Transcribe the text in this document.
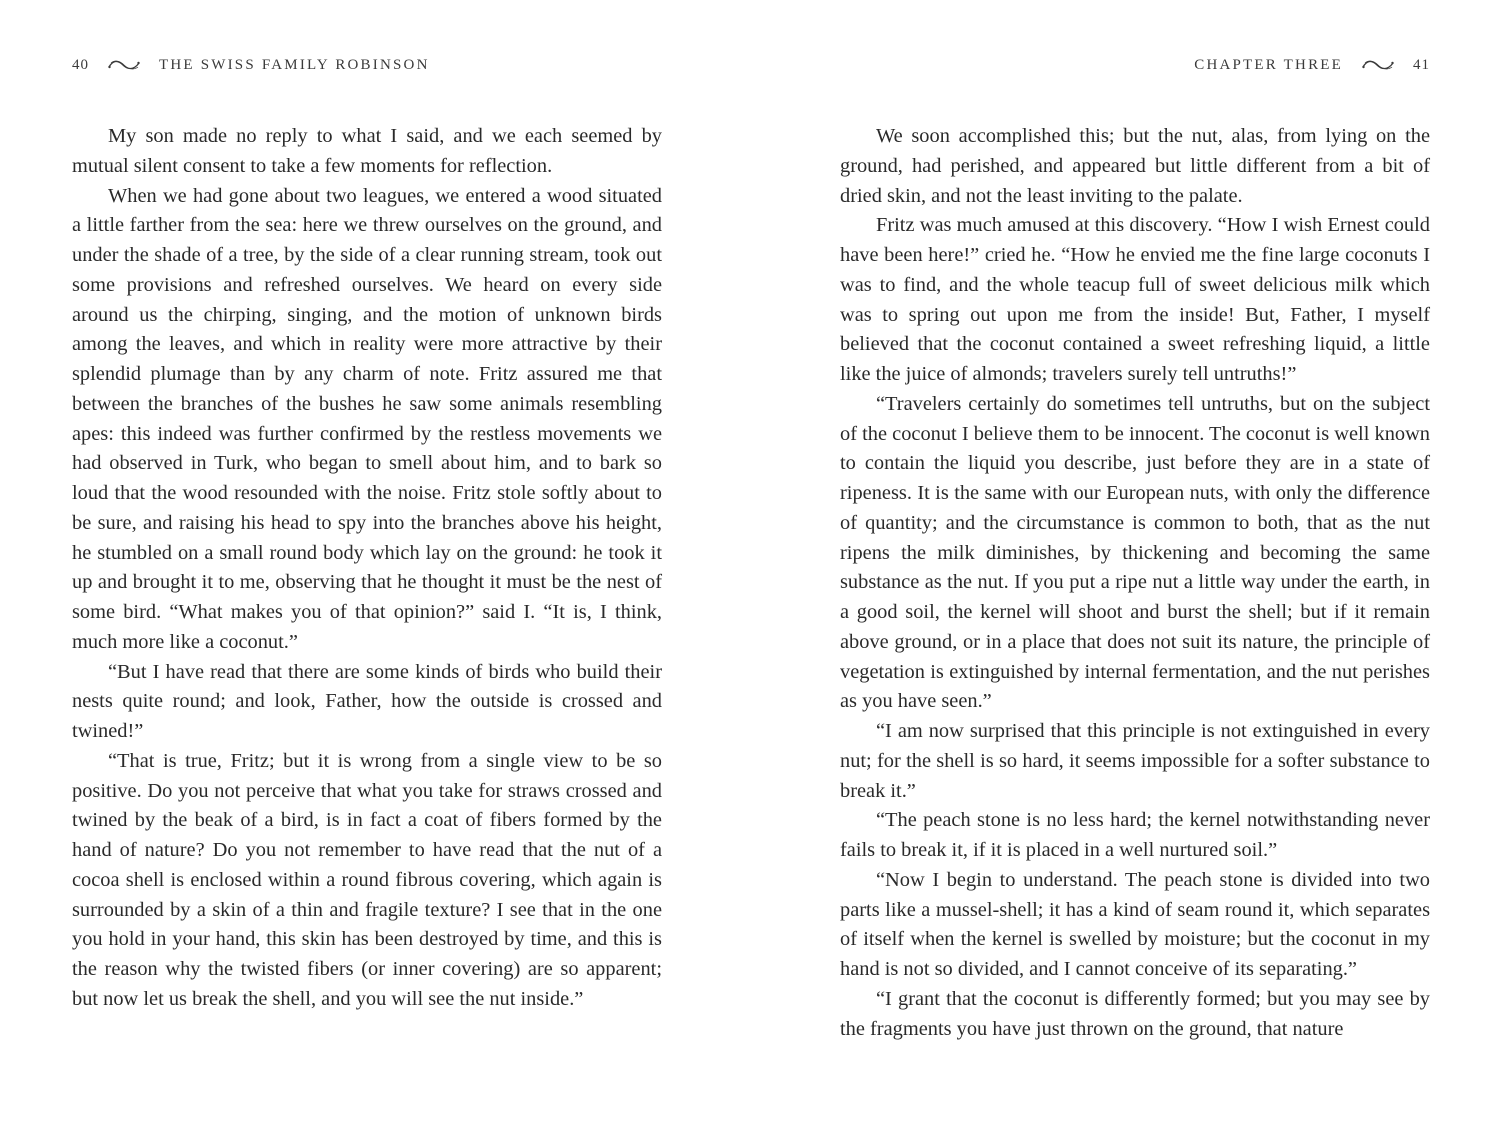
40	THE SWISS FAMILY ROBINSON

My son made no reply to what I said, and we each seemed by mutual silent consent to take a few moments for reflection.

When we had gone about two leagues, we entered a wood situated a little farther from the sea: here we threw ourselves on the ground, and under the shade of a tree, by the side of a clear running stream, took out some provisions and refreshed ourselves. We heard on every side around us the chirping, singing, and the motion of unknown birds among the leaves, and which in reality were more attractive by their splendid plumage than by any charm of note. Fritz assured me that between the branches of the bushes he saw some animals resembling apes: this indeed was further confirmed by the restless movements we had observed in Turk, who began to smell about him, and to bark so loud that the wood resounded with the noise. Fritz stole softly about to be sure, and raising his head to spy into the branches above his height, he stumbled on a small round body which lay on the ground: he took it up and brought it to me, observing that he thought it must be the nest of some bird. “What makes you of that opinion?” said I. “It is, I think, much more like a coconut.”

“But I have read that there are some kinds of birds who build their nests quite round; and look, Father, how the outside is crossed and twined!”

“That is true, Fritz; but it is wrong from a single view to be so positive. Do you not perceive that what you take for straws crossed and twined by the beak of a bird, is in fact a coat of fibers formed by the hand of nature? Do you not remember to have read that the nut of a cocoa shell is enclosed within a round fibrous covering, which again is surrounded by a skin of a thin and fragile texture? I see that in the one you hold in your hand, this skin has been destroyed by time, and this is the reason why the twisted fibers (or inner covering) are so apparent; but now let us break the shell, and you will see the nut inside.”

CHAPTER THREE	41

We soon accomplished this; but the nut, alas, from lying on the ground, had perished, and appeared but little different from a bit of dried skin, and not the least inviting to the palate.

Fritz was much amused at this discovery. “How I wish Ernest could have been here!” cried he. “How he envied me the fine large coconuts I was to find, and the whole teacup full of sweet delicious milk which was to spring out upon me from the inside! But, Father, I myself believed that the coconut contained a sweet refreshing liquid, a little like the juice of almonds; travelers surely tell untruths!”

“Travelers certainly do sometimes tell untruths, but on the subject of the coconut I believe them to be innocent. The coconut is well known to contain the liquid you describe, just before they are in a state of ripeness. It is the same with our European nuts, with only the difference of quantity; and the circumstance is common to both, that as the nut ripens the milk diminishes, by thickening and becoming the same substance as the nut. If you put a ripe nut a little way under the earth, in a good soil, the kernel will shoot and burst the shell; but if it remain above ground, or in a place that does not suit its nature, the principle of vegetation is extinguished by internal fermentation, and the nut perishes as you have seen.”

“I am now surprised that this principle is not extinguished in every nut; for the shell is so hard, it seems impossible for a softer substance to break it.”

“The peach stone is no less hard; the kernel notwithstanding never fails to break it, if it is placed in a well nurtured soil.”

“Now I begin to understand. The peach stone is divided into two parts like a mussel-shell; it has a kind of seam round it, which separates of itself when the kernel is swelled by moisture; but the coconut in my hand is not so divided, and I cannot conceive of its separating.”

“I grant that the coconut is differently formed; but you may see by the fragments you have just thrown on the ground, that nature
